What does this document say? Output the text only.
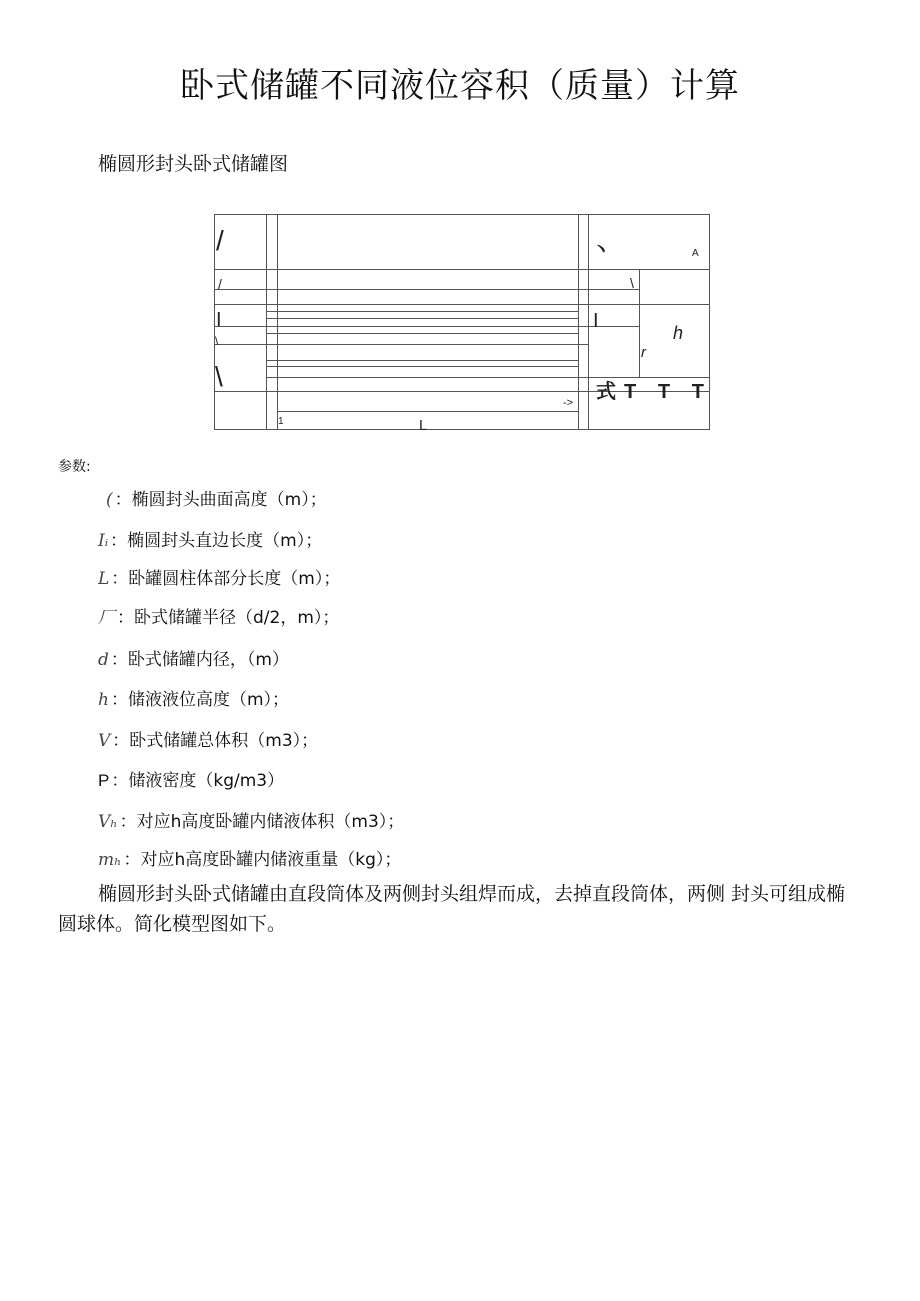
卧式储罐不同液位容积（质量）计算
椭圆形封头卧式储罐图
/
/
I
\
\
\
I
丶	A
h
r
->
1	L
式T T T
参数:
( ：椭圆封头曲面高度（m）；
Iᵢ ：椭圆封头直边长度（m）；
L ：卧罐圆柱体部分长度（m）；
厂 ：卧式储罐半径（d/2，m）；
d ：卧式储罐内径，（m）
h ：储液液位高度（m）；
V ：卧式储罐总体积（m3）；
P ：储液密度（kg/m3）
Vₕ ：对应h高度卧罐内储液体积（m3）；
mₕ ：对应h高度卧罐内储液重量（kg）；
椭圆形封头卧式储罐由直段筒体及两侧封头组焊而成，去掉直段筒体，两侧 封头可组成椭圆球体。简化模型图如下。
